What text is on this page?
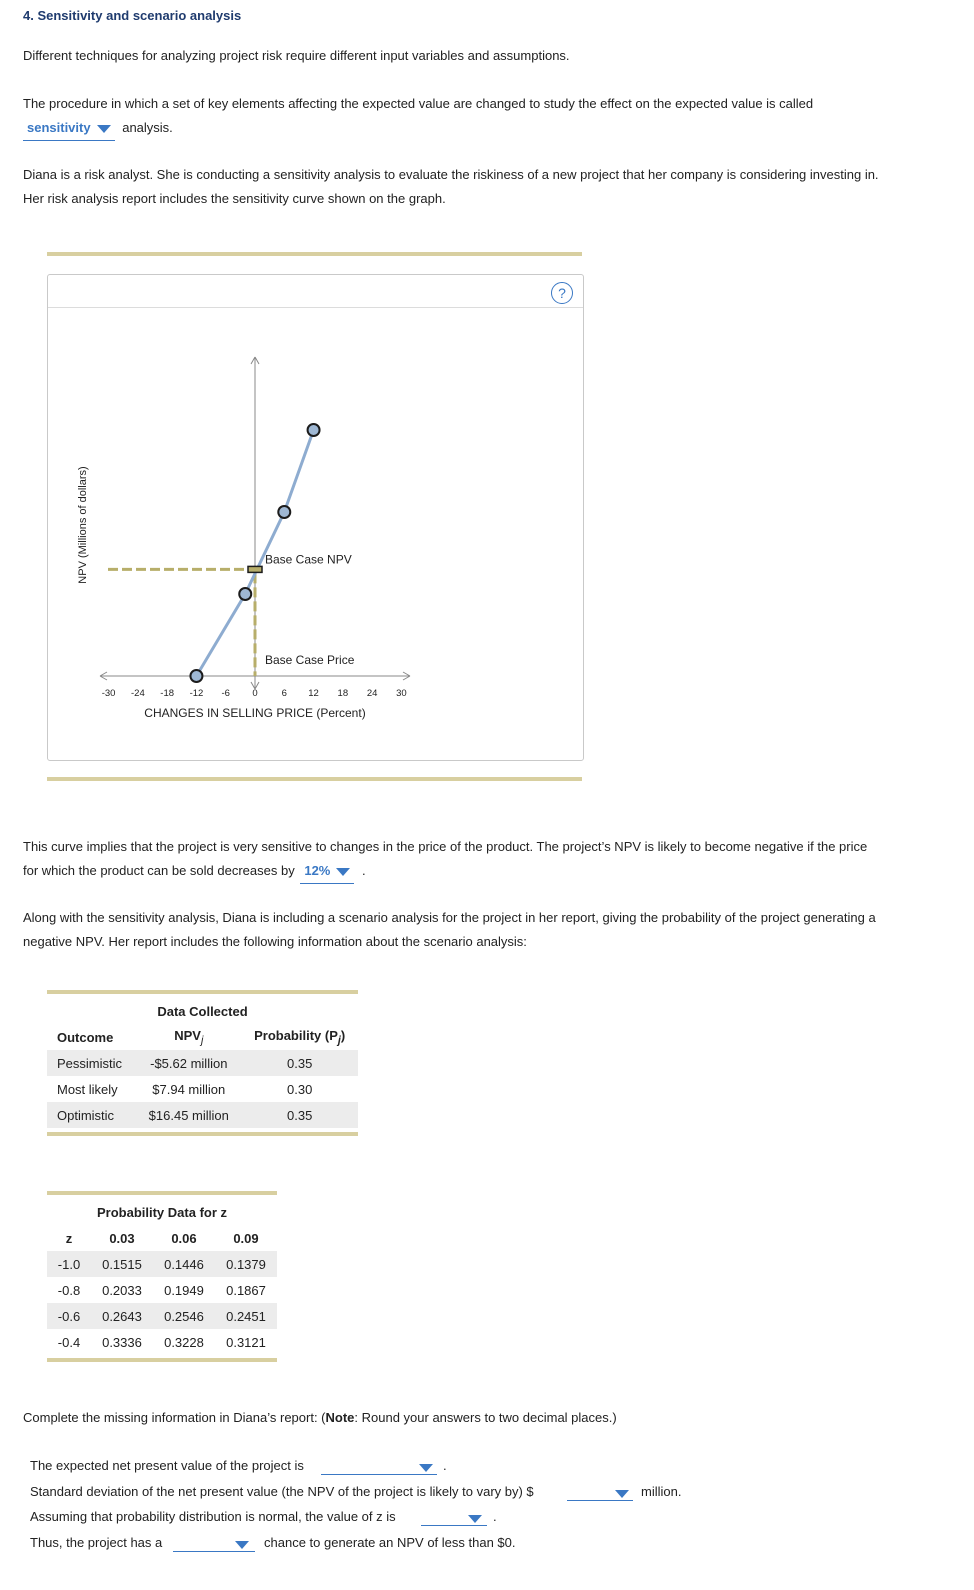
4. Sensitivity and scenario analysis
Different techniques for analyzing project risk require different input variables and assumptions.
The procedure in which a set of key elements affecting the expected value are changed to study the effect on the expected value is called
sensitivity analysis.
Diana is a risk analyst. She is conducting a sensitivity analysis to evaluate the riskiness of a new project that her company is considering investing in.
Her risk analysis report includes the sensitivity curve shown on the graph.
?
Base Case NPV
Base Case Price
-30 -24 -18 -12 -6 0	6 12 18 24 30
CHANGES IN SELLING PRICE (Percent)
NPV (Millions of dollars)
This curve implies that the project is very sensitive to changes in the price of the product. The project’s NPV is likely to become negative if the price
for which the product can be sold decreases by 12% .
Along with the sensitivity analysis, Diana is including a scenario analysis for the project in her report, giving the probability of the project generating a
negative NPV. Her report includes the following information about the scenario analysis:
Data Collected		
Outcome	$NPV_j$	Probability $(P_j)$
Pessimistic	-$5.62 million	0.35
Most likely	$7.94 million	0.30
Optimistic	$16.45 million	0.35
Probability Data for z			
z	0.03	0.06	0.09
-1.0	0.1515	0.1446	0.1379
-0.8	0.2033	0.1949	0.1867
-0.6	0.2643	0.2546	0.2451
-0.4	0.3336	0.3228	0.3121
Complete the missing information in Diana’s report: (Note: Round your answers to two decimal places.)
The expected net present value of the project is	.
Standard deviation of the net present value (the NPV of the project is likely to vary by) $	million.
Assuming that probability distribution is normal, the value of z is	.
Thus, the project has a	chance to generate an NPV of less than $0.
